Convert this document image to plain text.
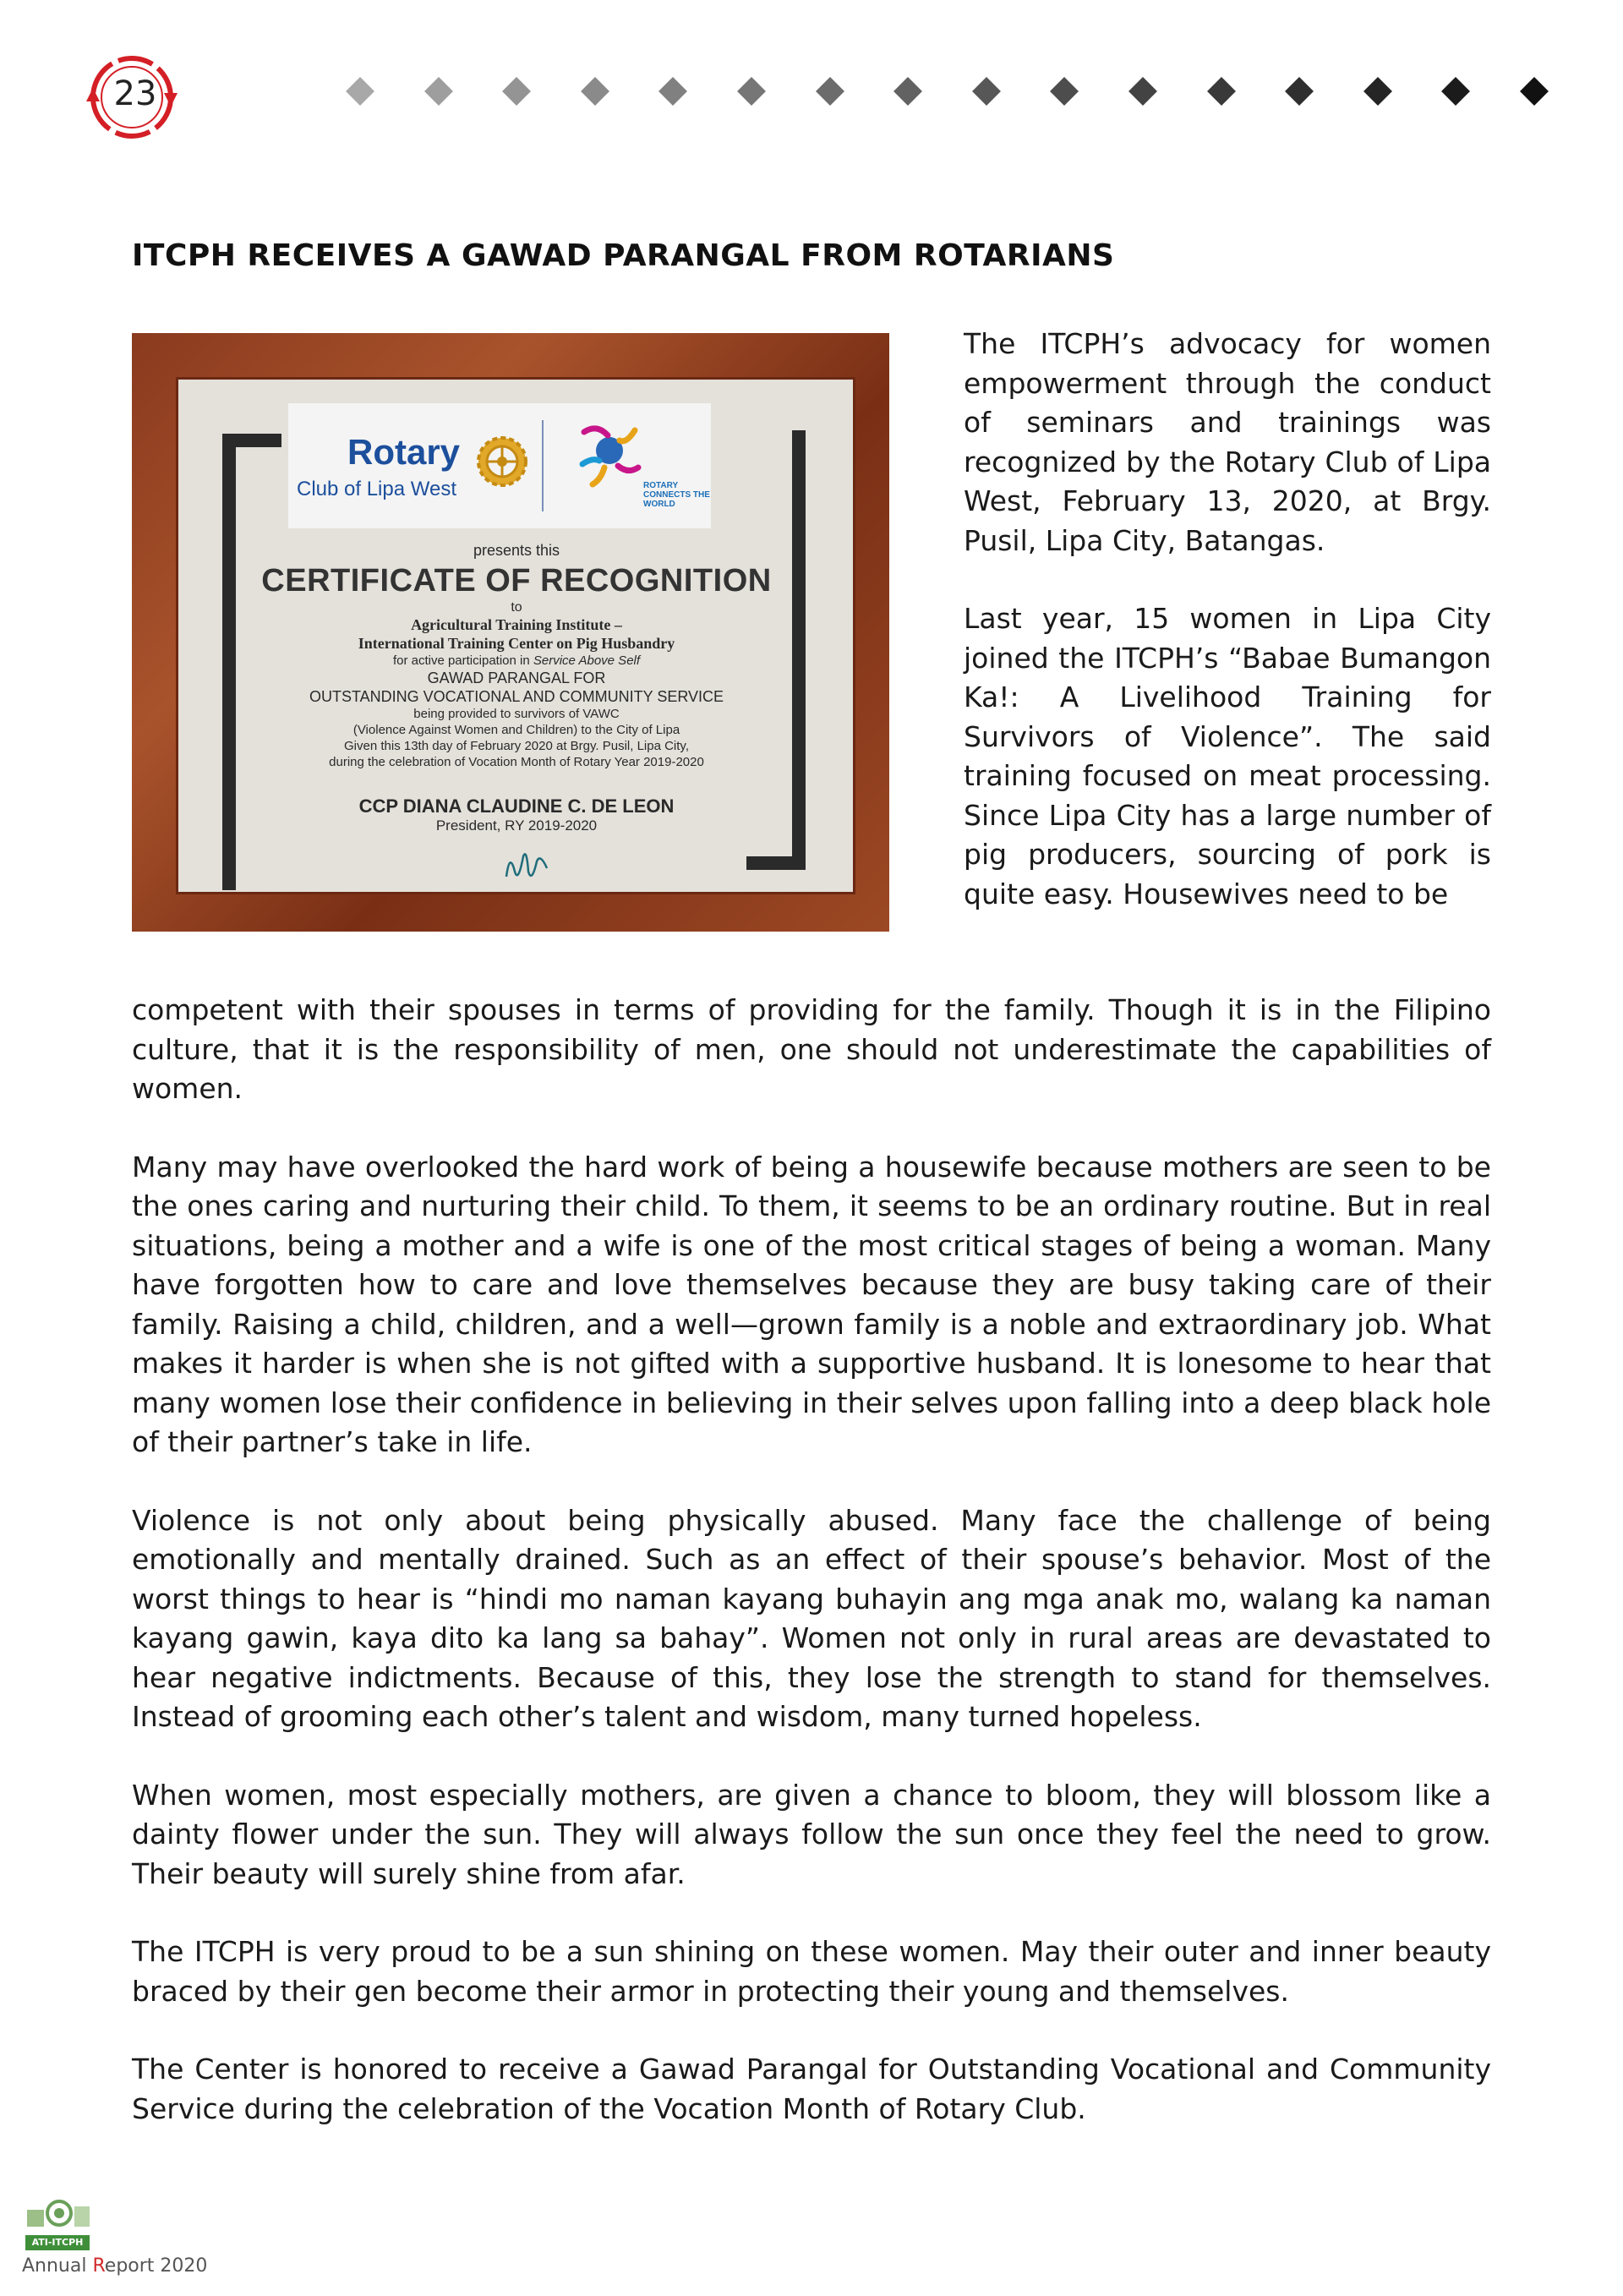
23
ITCPH RECEIVES A GAWAD PARANGAL FROM ROTARIANS
Rotary
Club of Lipa West	ROTARY CONNECTS THE WORLD
presents this
CERTIFICATE OF RECOGNITION
to
Agricultural Training Institute –
International Training Center on Pig Husbandry
for active participation in Service Above Self
GAWAD PARANGAL FOR
OUTSTANDING VOCATIONAL AND COMMUNITY SERVICE
being provided to survivors of VAWC
(Violence Against Women and Children) to the City of Lipa
Given this 13th day of February 2020 at Brgy. Pusil, Lipa City,
during the celebration of Vocation Month of Rotary Year 2019-2020
CCP DIANA CLAUDINE C. DE LEON
President, RY 2019-2020

The ITCPH’s advocacy for women empowerment through the conduct of seminars and trainings was recognized by the Rotary Club of Lipa West, February 13, 2020, at Brgy. Pusil, Lipa City, Batangas.

Last year, 15 women in Lipa City joined the ITCPH’s “Babae Bumangon Ka!: A Livelihood Training for Survivors of Violence”. The said training focused on meat processing. Since Lipa City has a large number of pig producers, sourcing of pork is quite easy. Housewives need to be

competent with their spouses in terms of providing for the family. Though it is in the Filipino culture, that it is the responsibility of men, one should not underestimate the capabilities of women.

Many may have overlooked the hard work of being a housewife because mothers are seen to be the ones caring and nurturing their child. To them, it seems to be an ordinary routine. But in real situations, being a mother and a wife is one of the most critical stages of being a woman. Many have forgotten how to care and love themselves because they are busy taking care of their family. Raising a child, children, and a well—grown family is a noble and extraordinary job. What makes it harder is when she is not gifted with a supportive husband. It is lonesome to hear that many women lose their confidence in believing in their selves upon falling into a deep black hole of their partner’s take in life.

Violence is not only about being physically abused. Many face the challenge of being emotionally and mentally drained. Such as an effect of their spouse’s behavior. Most of the worst things to hear is “hindi mo naman kayang buhayin ang mga anak mo, walang ka naman kayang gawin, kaya dito ka lang sa bahay”. Women not only in rural areas are devastated to hear negative indictments. Because of this, they lose the strength to stand for themselves. Instead of grooming each other’s talent and wisdom, many turned hopeless.

When women, most especially mothers, are given a chance to bloom, they will blossom like a dainty flower under the sun. They will always follow the sun once they feel the need to grow. Their beauty will surely shine from afar.

The ITCPH is very proud to be a sun shining on these women. May their outer and inner beauty braced by their gen become their armor in protecting their young and themselves.

The Center is honored to receive a Gawad Parangal for Outstanding Vocational and Community Service during the celebration of the Vocation Month of Rotary Club.

ATI-ITCPH
Annual Report 2020
